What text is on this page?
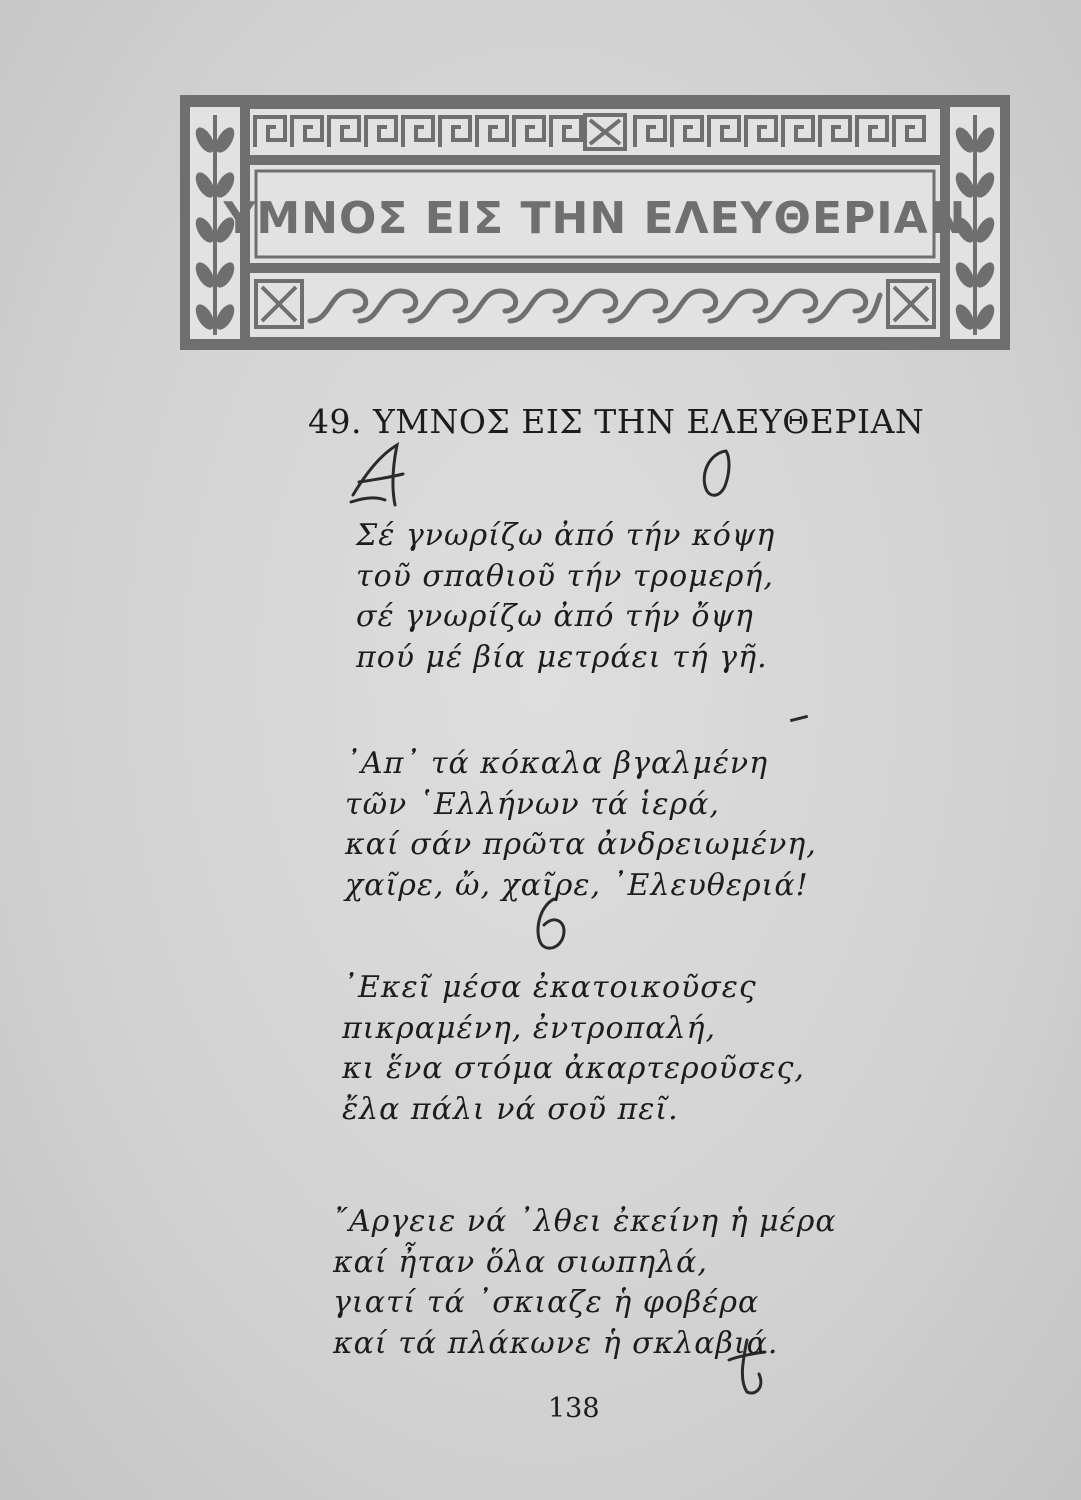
ΥΜΝΟΣ ΕΙΣ ΤΗΝ ΕΛΕΥΘΕΡΙΑΝ
49. ΥΜΝΟΣ ΕΙΣ ΤΗΝ ΕΛΕΥΘΕΡΙΑΝ
Σέ γνωρίζω ἀπό τήν κόψη
τοῦ σπαθιοῦ τήν τρομερή,
σέ γνωρίζω ἀπό τήν ὄψη
πού μέ βία μετράει τή γῆ.
᾿Απ᾿ τά κόκαλα βγαλμένη
τῶν ῾Ελλήνων τά ἱερά,
καί σάν πρῶτα ἀνδρειωμένη,
χαῖρε, ὤ, χαῖρε, ᾿Ελευθεριά!
᾿Εκεῖ μέσα ἐκατοικοῦσες
πικραμένη, ἐντροπαλή,
κι ἕνα στόμα ἀκαρτεροῦσες,
ἔλα πάλι νά σοῦ πεῖ.
῎Αργειε νά ᾿λθει ἐκείνη ἡ μέρα
καί ἦταν ὅλα σιωπηλά,
γιατί τά ᾿σκιαζε ἡ φοβέρα
καί τά πλάκωνε ἡ σκλαβιά.
138
